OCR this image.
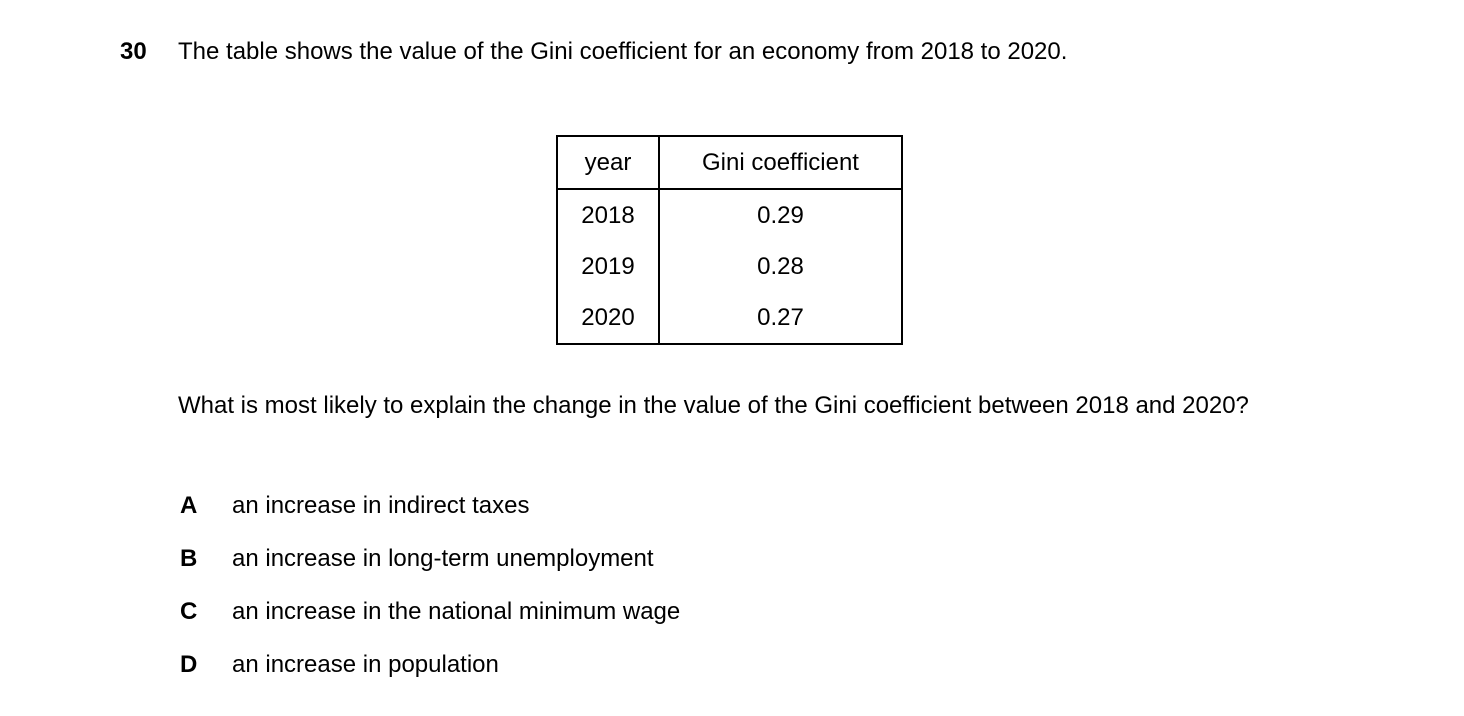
30 The table shows the value of the Gini coefficient for an economy from 2018 to 2020.
year	Gini coefficient
2018	0.29
2019	0.28
2020	0.27
What is most likely to explain the change in the value of the Gini coefficient between 2018 and 2020?
A	an increase in indirect taxes
B	an increase in long-term unemployment
C	an increase in the national minimum wage
D	an increase in population
